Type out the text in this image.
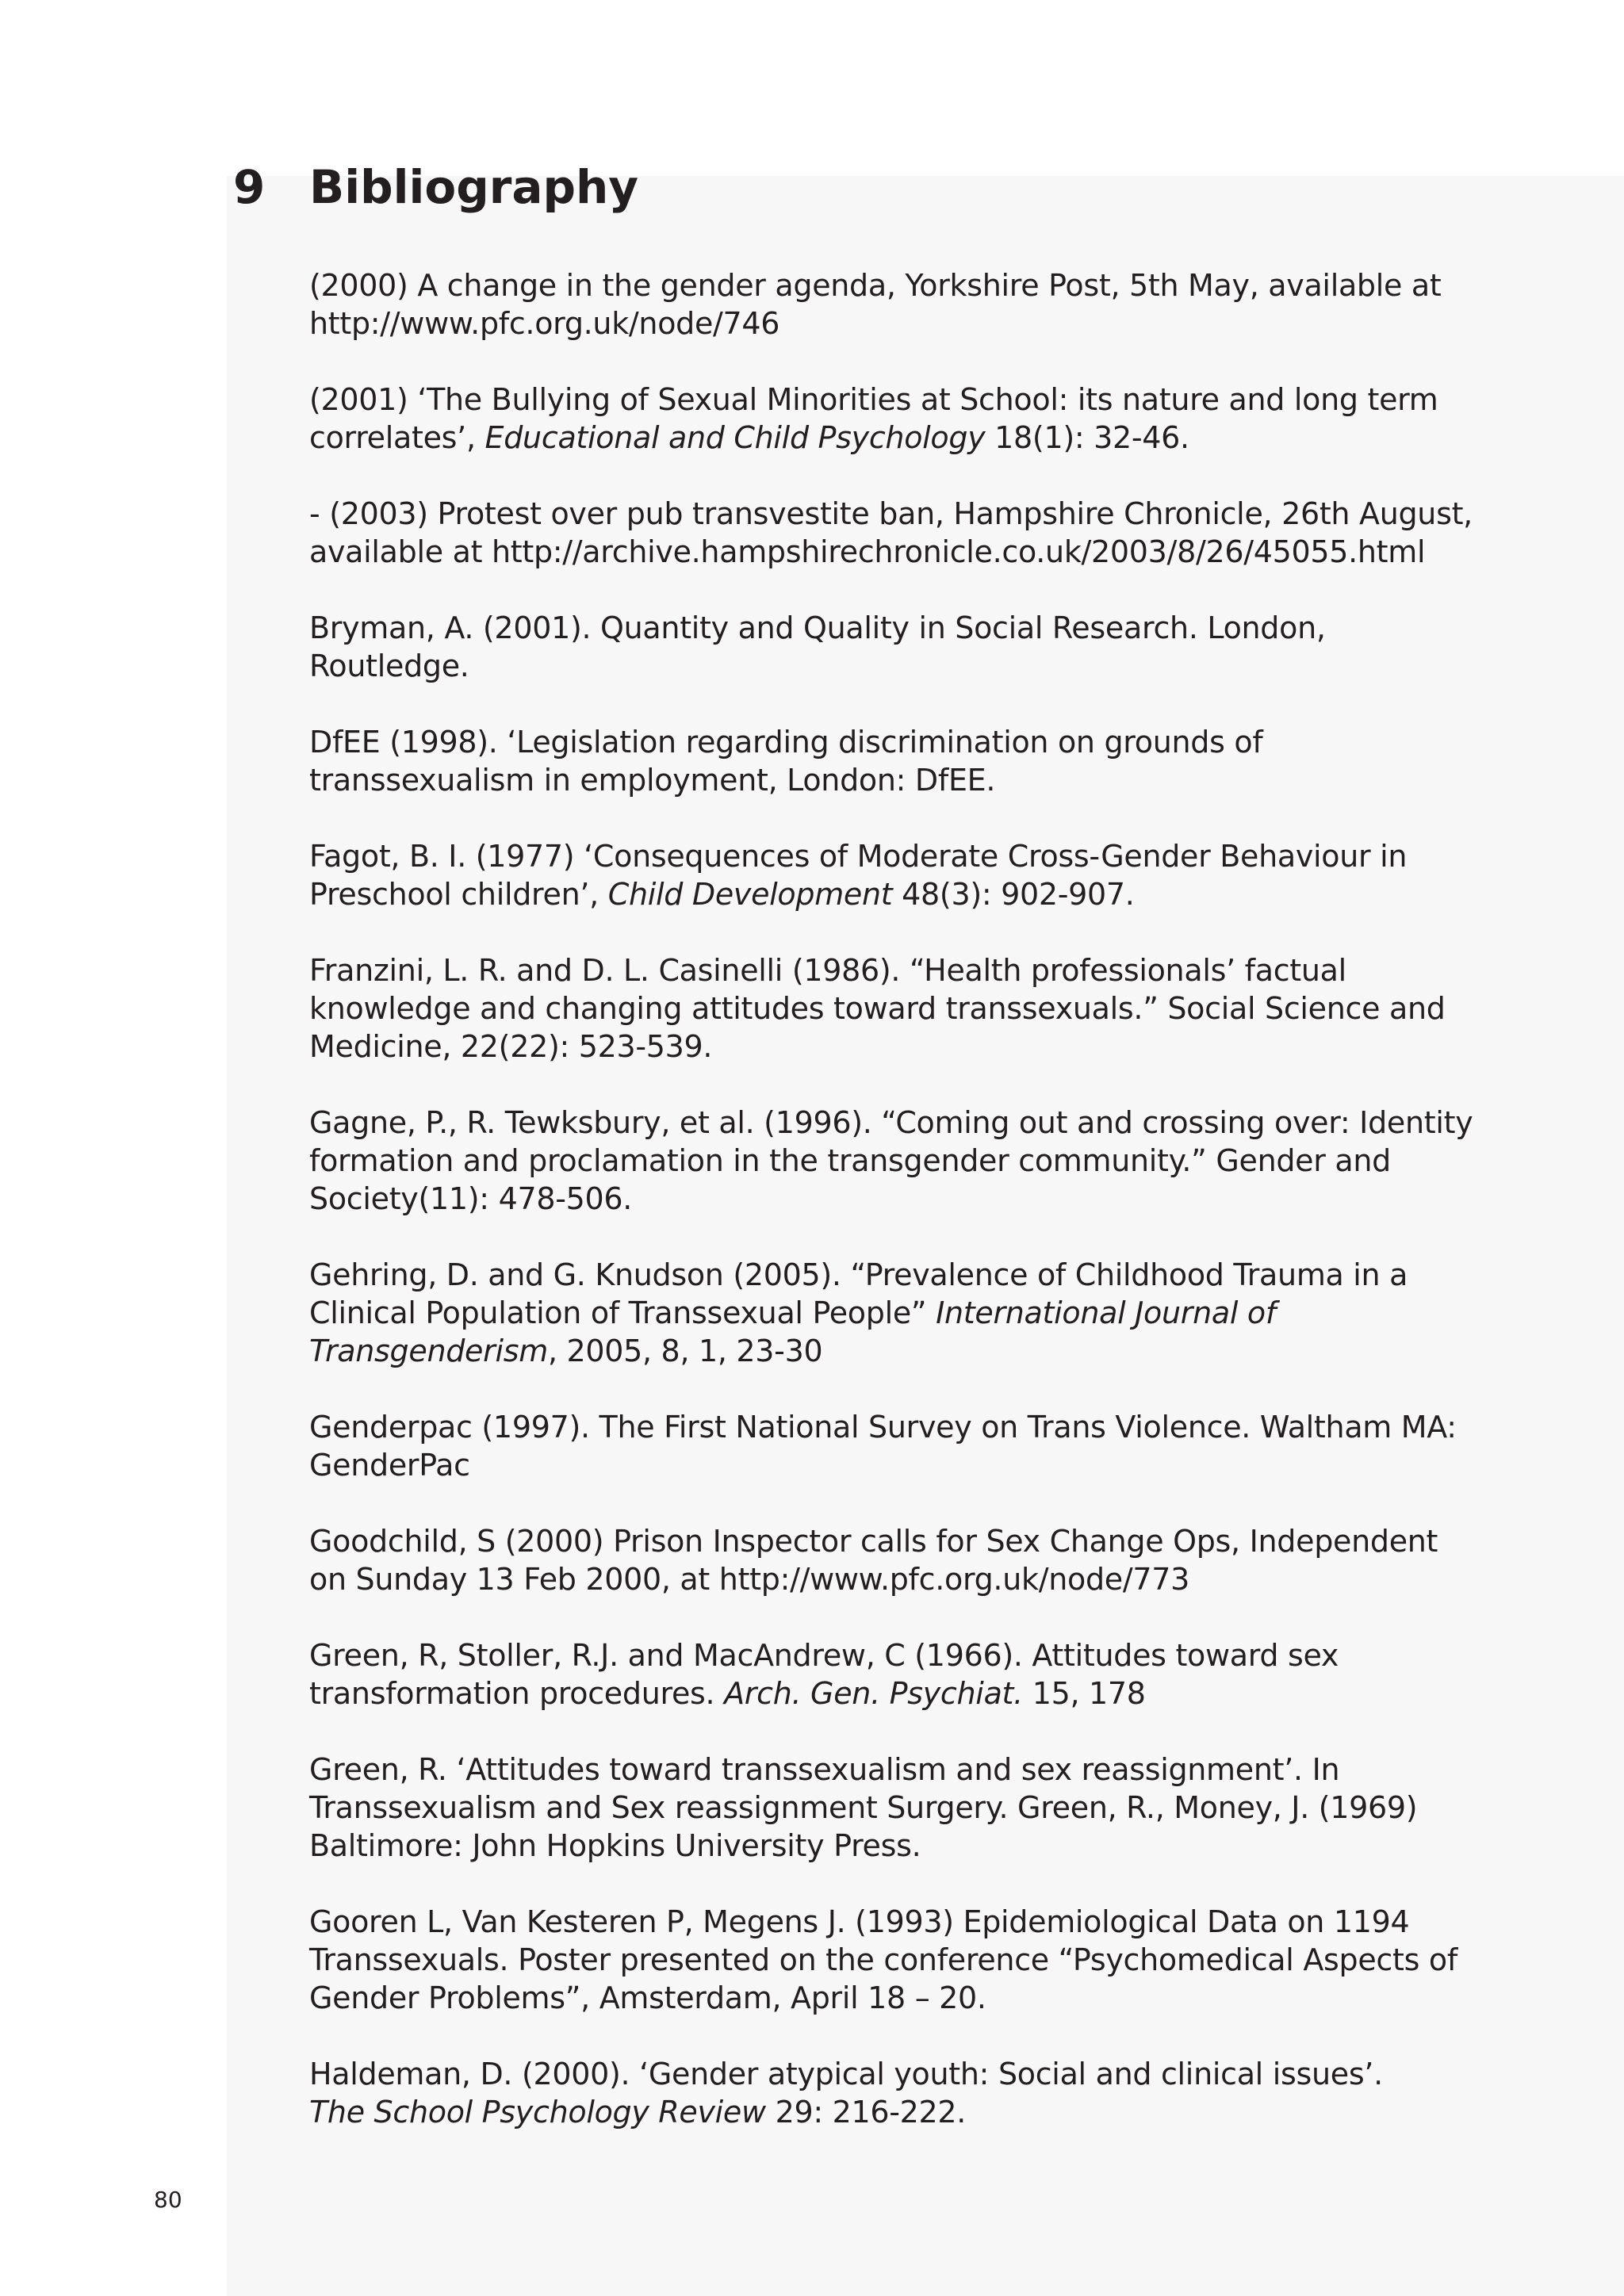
9 Bibliography
(2000) A change in the gender agenda, Yorkshire Post, 5th May, available at http://www.pfc.org.uk/node/746
(2001) ‘The Bullying of Sexual Minorities at School: its nature and long term correlates’, Educational and Child Psychology 18(1): 32-46.
- (2003) Protest over pub transvestite ban, Hampshire Chronicle, 26th August, available at http://archive.hampshirechronicle.co.uk/2003/8/26/45055.html
Bryman, A. (2001). Quantity and Quality in Social Research. London, Routledge.
DfEE (1998). ‘Legislation regarding discrimination on grounds of transsexualism in employment, London: DfEE.
Fagot, B. I. (1977) ‘Consequences of Moderate Cross-Gender Behaviour in Preschool children’, Child Development 48(3): 902-907.
Franzini, L. R. and D. L. Casinelli (1986). “Health professionals’ factual knowledge and changing attitudes toward transsexuals.” Social Science and Medicine, 22(22): 523-539.
Gagne, P., R. Tewksbury, et al. (1996). “Coming out and crossing over: Identity formation and proclamation in the transgender community.” Gender and Society(11): 478-506.
Gehring, D. and G. Knudson (2005). “Prevalence of Childhood Trauma in a Clinical Population of Transsexual People” International Journal of Transgenderism, 2005, 8, 1, 23-30
Genderpac (1997). The First National Survey on Trans Violence. Waltham MA: GenderPac
Goodchild, S (2000) Prison Inspector calls for Sex Change Ops, Independent on Sunday 13 Feb 2000, at http://www.pfc.org.uk/node/773
Green, R, Stoller, R.J. and MacAndrew, C (1966). Attitudes toward sex transformation procedures. Arch. Gen. Psychiat. 15, 178
Green, R. ‘Attitudes toward transsexualism and sex reassignment’. In Transsexualism and Sex reassignment Surgery. Green, R., Money, J. (1969) Baltimore: John Hopkins University Press.
Gooren L, Van Kesteren P, Megens J. (1993) Epidemiological Data on 1194 Transsexuals. Poster presented on the conference “Psychomedical Aspects of Gender Problems”, Amsterdam, April 18 – 20.
Haldeman, D. (2000). ‘Gender atypical youth: Social and clinical issues’.
The School Psychology Review 29: 216-222.
80
